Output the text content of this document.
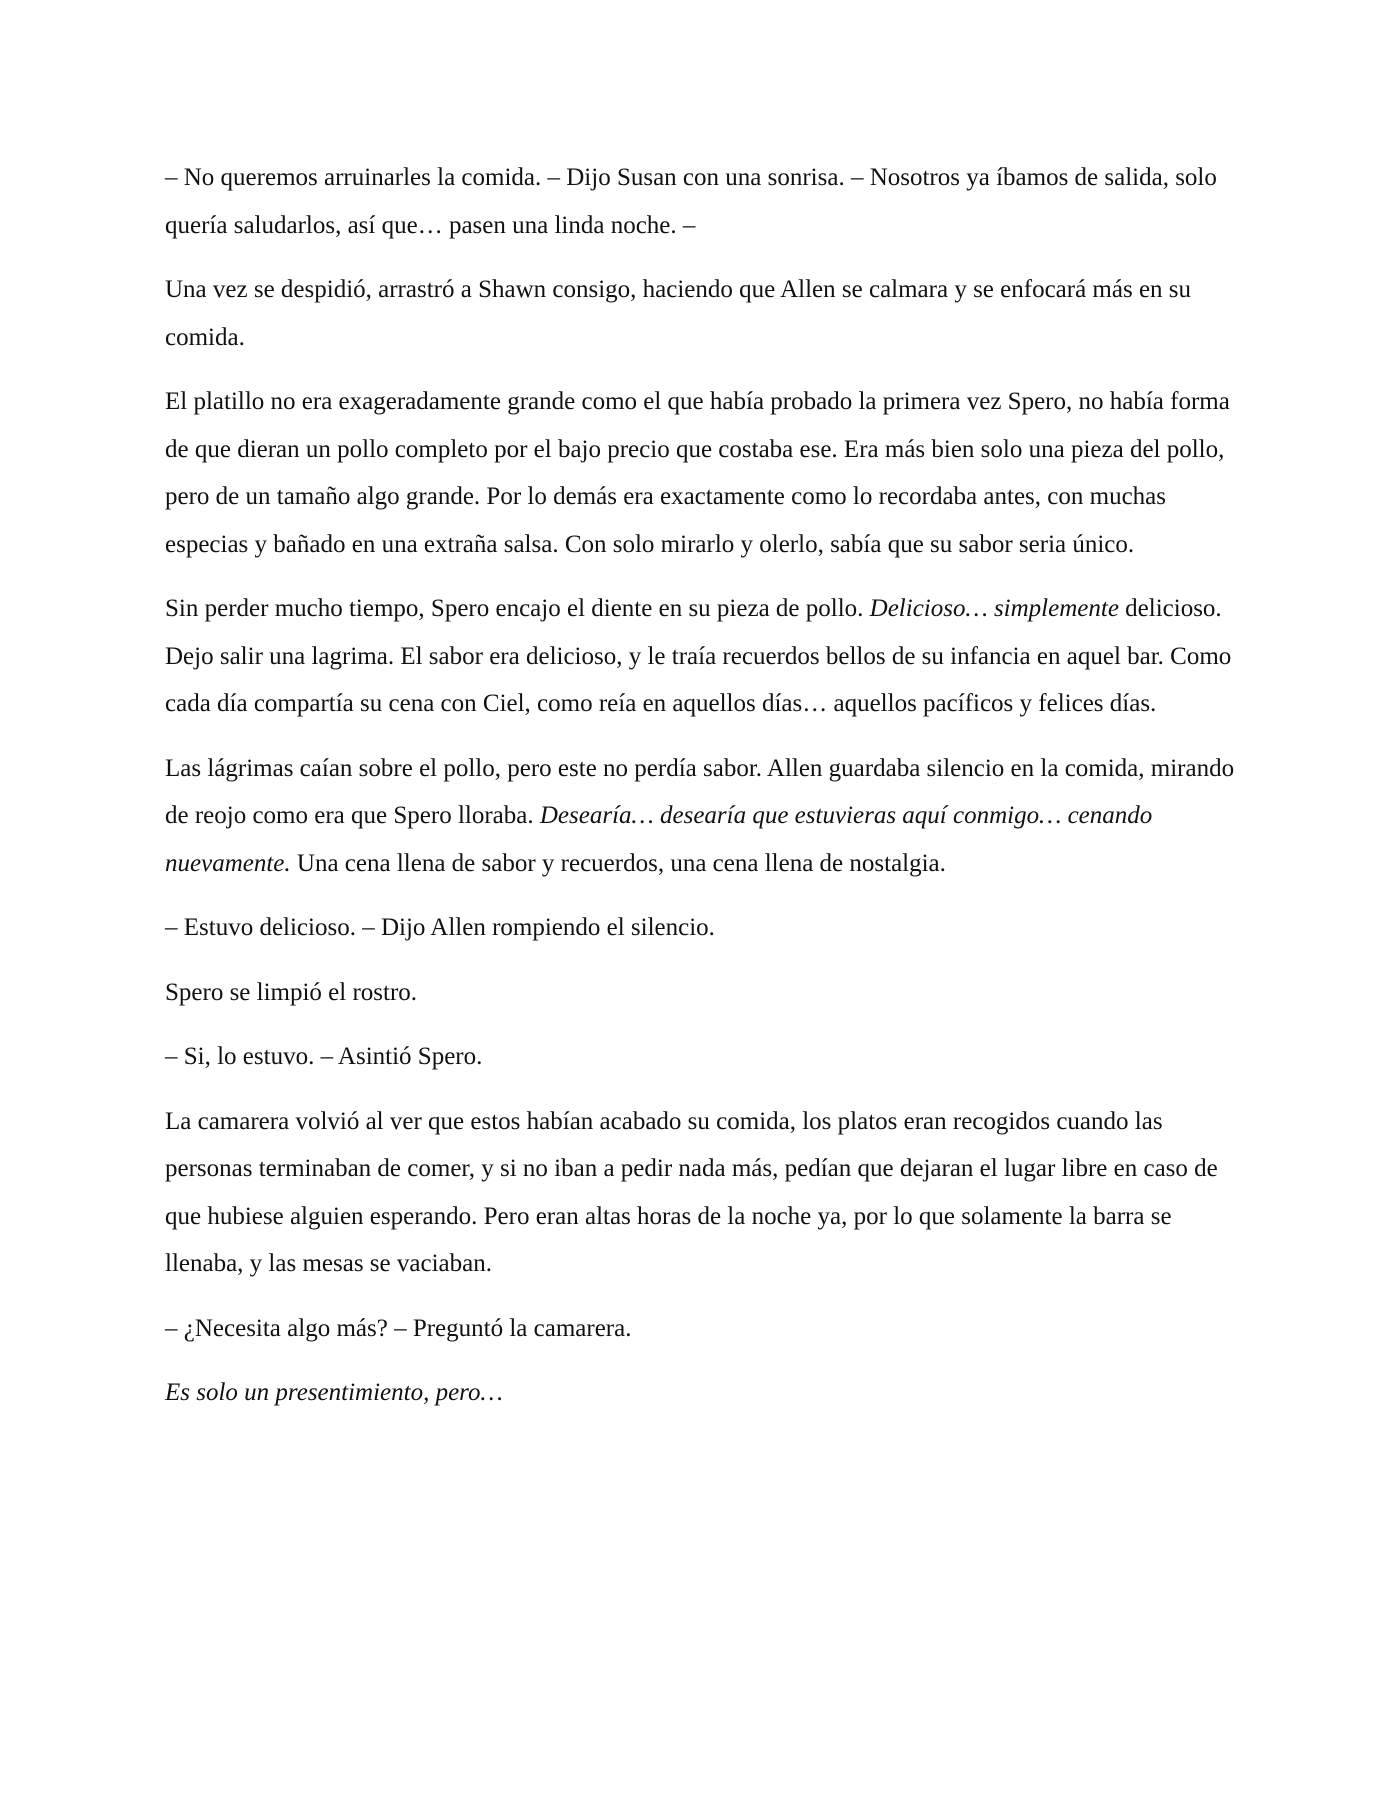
– No queremos arruinarles la comida. – Dijo Susan con una sonrisa. – Nosotros ya íbamos de salida, solo quería saludarlos, así que… pasen una linda noche. –

Una vez se despidió, arrastró a Shawn consigo, haciendo que Allen se calmara y se enfocará más en su comida.

El platillo no era exageradamente grande como el que había probado la primera vez Spero, no había forma de que dieran un pollo completo por el bajo precio que costaba ese. Era más bien solo una pieza del pollo, pero de un tamaño algo grande. Por lo demás era exactamente como lo recordaba antes, con muchas especias y bañado en una extraña salsa. Con solo mirarlo y olerlo, sabía que su sabor seria único.

Sin perder mucho tiempo, Spero encajo el diente en su pieza de pollo. Delicioso… simplemente delicioso. Dejo salir una lagrima. El sabor era delicioso, y le traía recuerdos bellos de su infancia en aquel bar. Como cada día compartía su cena con Ciel, como reía en aquellos días… aquellos pacíficos y felices días.

Las lágrimas caían sobre el pollo, pero este no perdía sabor. Allen guardaba silencio en la comida, mirando de reojo como era que Spero lloraba. Desearía… desearía que estuvieras aquí conmigo… cenando nuevamente. Una cena llena de sabor y recuerdos, una cena llena de nostalgia.

– Estuvo delicioso. – Dijo Allen rompiendo el silencio.

Spero se limpió el rostro.

– Si, lo estuvo. – Asintió Spero.

La camarera volvió al ver que estos habían acabado su comida, los platos eran recogidos cuando las personas terminaban de comer, y si no iban a pedir nada más, pedían que dejaran el lugar libre en caso de que hubiese alguien esperando. Pero eran altas horas de la noche ya, por lo que solamente la barra se llenaba, y las mesas se vaciaban.

– ¿Necesita algo más? – Preguntó la camarera.

Es solo un presentimiento, pero…
